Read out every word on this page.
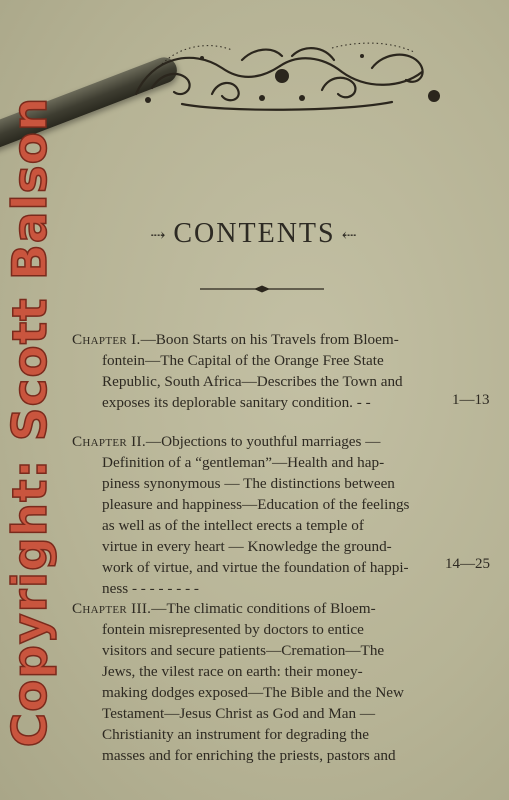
⇢ CONTENTS ⇠
Chapter I.—Boon Starts on his Travels from Bloem-
fontein—The Capital of the Orange Free State
Republic, South Africa—Describes the Town and
exposes its deplorable sanitary condition. - -	1—13
Chapter II.—Objections to youthful marriages —
Definition of a “gentleman”—Health and hap-
piness synonymous — The distinctions between
pleasure and happiness—Education of the feelings
as well as of the intellect erects a temple of
virtue in every heart — Knowledge the ground-
work of virtue, and virtue the foundation of happi-
ness - - - - - - - -
14—25
Chapter III.—The climatic conditions of Bloem-
fontein misrepresented by doctors to entice
visitors and secure patients—Cremation—The
Jews, the vilest race on earth: their money-
making dodges exposed—The Bible and the New
Testament—Jesus Christ as God and Man —
Christianity an instrument for degrading the
masses and for enriching the priests, pastors and
Copyright: Scott Balson
